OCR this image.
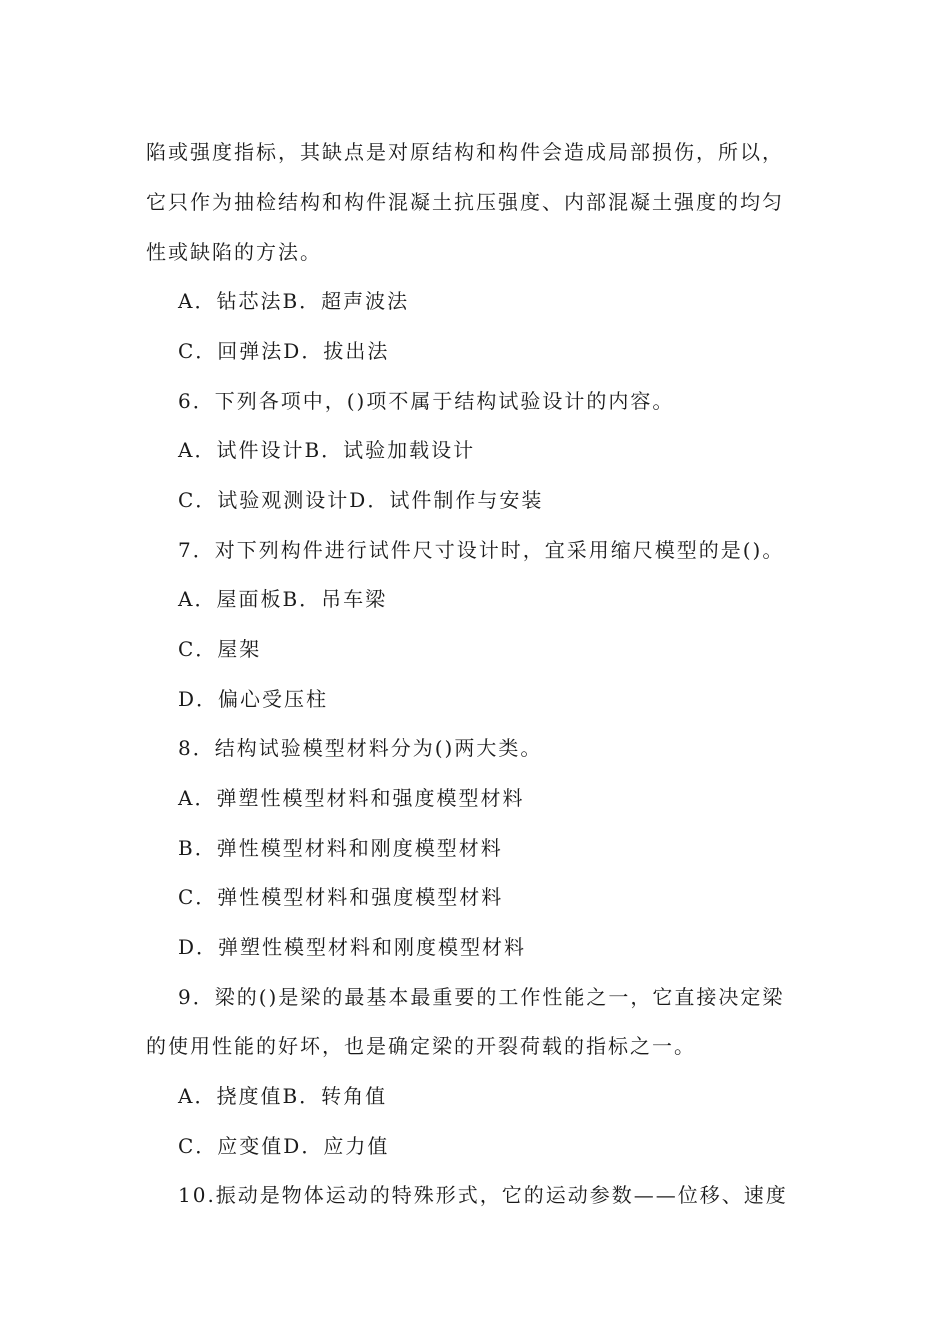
陷或强度指标，其缺点是对原结构和构件会造成局部损伤，所以，
它只作为抽检结构和构件混凝土抗压强度、内部混凝土强度的均匀
性或缺陷的方法。
A．钻芯法B．超声波法
C．回弹法D．拔出法
6．下列各项中，()项不属于结构试验设计的内容。
A．试件设计B．试验加载设计
C．试验观测设计D．试件制作与安装
7．对下列构件进行试件尺寸设计时，宜采用缩尺模型的是()。
A．屋面板B．吊车梁
C．屋架
D．偏心受压柱
8．结构试验模型材料分为()两大类。
A．弹塑性模型材料和强度模型材料
B．弹性模型材料和刚度模型材料
C．弹性模型材料和强度模型材料
D．弹塑性模型材料和刚度模型材料
9．梁的()是梁的最基本最重要的工作性能之一，它直接决定梁
的使用性能的好坏，也是确定梁的开裂荷载的指标之一。
A．挠度值B．转角值
C．应变值D．应力值
10.振动是物体运动的特殊形式，它的运动参数——位移、速度
